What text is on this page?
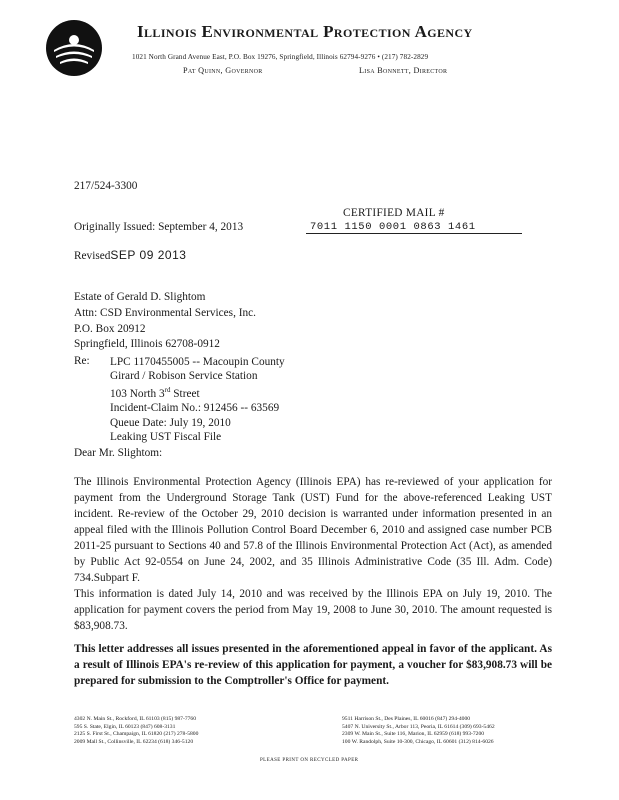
Illinois Environmental Protection Agency
1021 North Grand Avenue East, P.O. Box 19276, Springfield, Illinois 62794-9276 • (217) 782-2829
Pat Quinn, Governor	Lisa Bonnett, Director
217/524-3300
Originally Issued: September 4, 2013
CERTIFIED MAIL #
7011 1150 0001 0863 1461
RevisedSEP 09 2013
Estate of Gerald D. Slightom
Attn: CSD Environmental Services, Inc.
P.O. Box 20912
Springfield, Illinois 62708-0912
Re: LPC 1170455005 -- Macoupin County
Girard / Robison Service Station
103 North 3rd Street
Incident-Claim No.: 912456 -- 63569
Queue Date: July 19, 2010
Leaking UST Fiscal File
Dear Mr. Slightom:
The Illinois Environmental Protection Agency (Illinois EPA) has re-reviewed of your application for payment from the Underground Storage Tank (UST) Fund for the above-referenced Leaking UST incident. Re-review of the October 29, 2010 decision is warranted under information presented in an appeal filed with the Illinois Pollution Control Board December 6, 2010 and assigned case number PCB 2011-25 pursuant to Sections 40 and 57.8 of the Illinois Environmental Protection Act (Act), as amended by Public Act 92-0554 on June 24, 2002, and 35 Illinois Administrative Code (35 Ill. Adm. Code) 734.Subpart F.
This information is dated July 14, 2010 and was received by the Illinois EPA on July 19, 2010. The application for payment covers the period from May 19, 2008 to June 30, 2010. The amount requested is $83,908.73.
This letter addresses all issues presented in the aforementioned appeal in favor of the applicant. As a result of Illinois EPA's re-review of this application for payment, a voucher for $83,908.73 will be prepared for submission to the Comptroller's Office for payment.
4302 N. Main St., Rockford, IL 61103 (815) 987-7760
595 S. State, Elgin, IL 60123 (847) 608-3131
2125 S. First St., Champaign, IL 61820 (217) 278-5800
2009 Mall St., Collinsville, IL 62234 (618) 346-5120
9511 Harrison St., Des Plaines, IL 60016 (847) 294-4000
5407 N. University St., Arbor 113, Peoria, IL 61614 (309) 693-5462
2309 W. Main St., Suite 116, Marion, IL 62959 (618) 993-7200
100 W. Randolph, Suite 10-300, Chicago, IL 60601 (312) 814-6026
PLEASE PRINT ON RECYCLED PAPER
